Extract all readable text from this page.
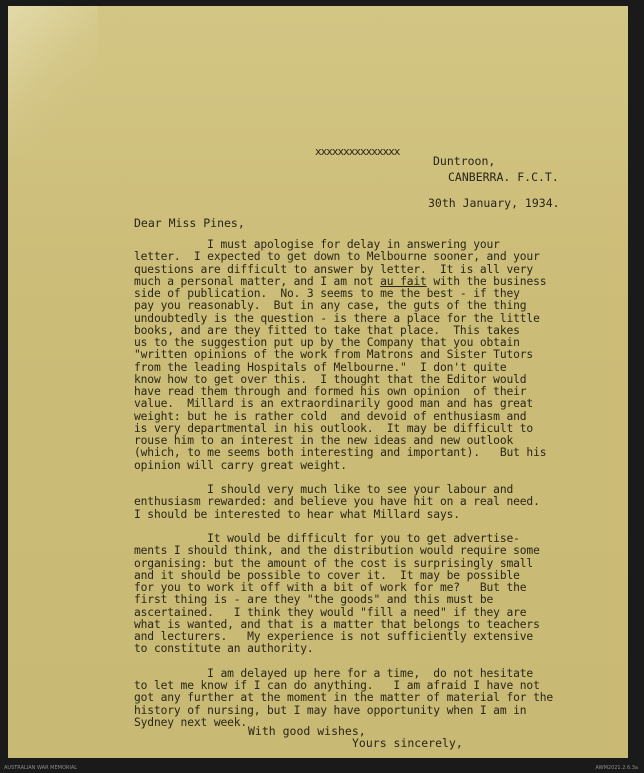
xxxxxxxxxxxxxxx
Duntroon,
CANBERRA. F.C.T.
30th January, 1934.
Dear Miss Pines,
I must apologise for delay in answering your
letter.  I expected to get down to Melbourne sooner, and your
questions are difficult to answer by letter.  It is all very
much a personal matter, and I am not au fait with the business
side of publication.  No. 3 seems to me the best - if they
pay you reasonably.  But in any case, the guts of the thing
undoubtedly is the question - is there a place for the little
books, and are they fitted to take that place.  This takes
us to the suggestion put up by the Company that you obtain
"written opinions of the work from Matrons and Sister Tutors
from the leading Hospitals of Melbourne."  I don't quite
know how to get over this.  I thought that the Editor would
have read them through and formed his own opinion  of their
value.  Millard is an extraordinarily good man and has great
weight: but he is rather cold  and devoid of enthusiasm and
is very departmental in his outlook.  It may be difficult to
rouse him to an interest in the new ideas and new outlook
(which, to me seems both interesting and important).   But his
opinion will carry great weight.
I should very much like to see your labour and
enthusiasm rewarded: and believe you have hit on a real need.
I should be interested to hear what Millard says.
It would be difficult for you to get advertise-
ments I should think, and the distribution would require some
organising: but the amount of the cost is surprisingly small
and it should be possible to cover it.  It may be possible
for you to work it off with a bit of work for me?   But the
first thing is - are they "the goods" and this must be
ascertained.   I think they would "fill a need" if they are
what is wanted, and that is a matter that belongs to teachers
and lecturers.   My experience is not sufficiently extensive
to constitute an authority.
I am delayed up here for a time,  do not hesitate
to let me know if I can do anything.   I am afraid I have not
got any further at the moment in the matter of material for the
history of nursing, but I may have opportunity when I am in
Sydney next week.
With good wishes,
Yours sincerely,
AUSTRALIAN WAR MEMORIAL	AWM2021.2.6.3a
